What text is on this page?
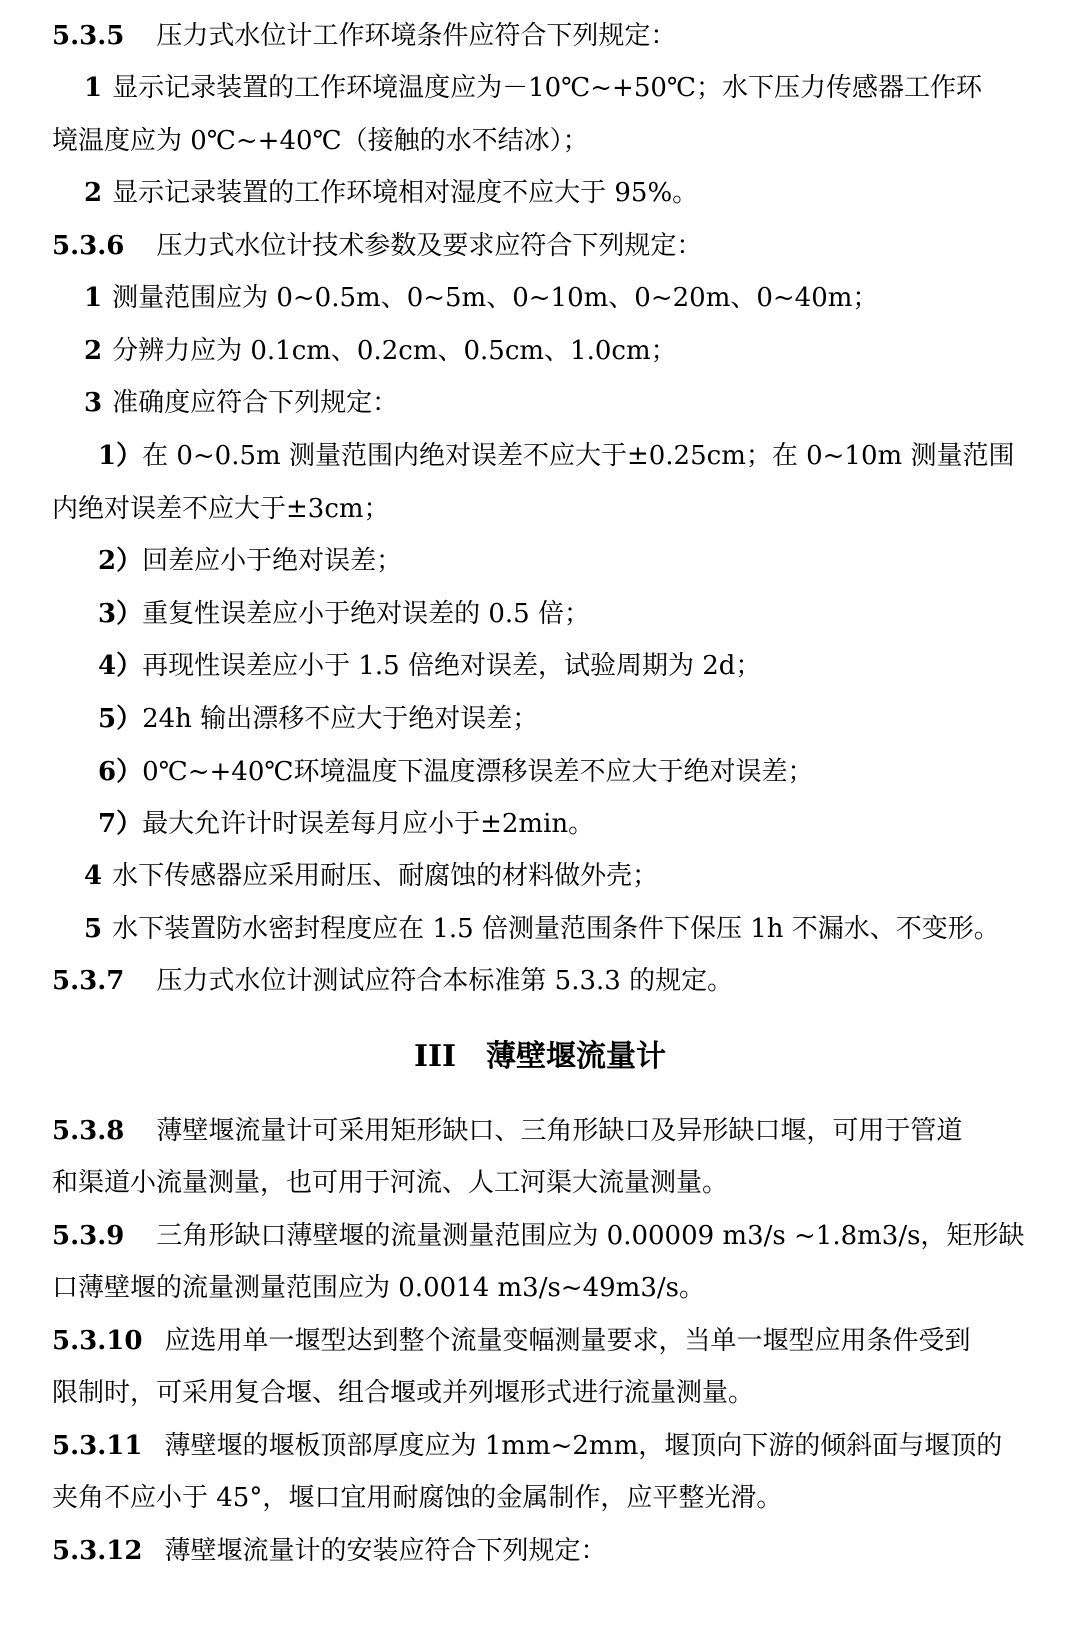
5.3.5 压力式水位计工作环境条件应符合下列规定：
1 显示记录装置的工作环境温度应为－10℃~+50℃；水下压力传感器工作环
境温度应为 0℃~+40℃（接触的水不结冰）；
2 显示记录装置的工作环境相对湿度不应大于 95%。
5.3.6 压力式水位计技术参数及要求应符合下列规定：
1 测量范围应为 0~0.5m、0~5m、0~10m、0~20m、0~40m；
2 分辨力应为 0.1cm、0.2cm、0.5cm、1.0cm；
3 准确度应符合下列规定：
1）在 0~0.5m 测量范围内绝对误差不应大于±0.25cm；在 0~10m 测量范围
内绝对误差不应大于±3cm；
2）回差应小于绝对误差；
3）重复性误差应小于绝对误差的 0.5 倍；
4）再现性误差应小于 1.5 倍绝对误差，试验周期为 2d；
5）24h 输出漂移不应大于绝对误差；
6）0℃~+40℃环境温度下温度漂移误差不应大于绝对误差；
7）最大允许计时误差每月应小于±2min。
4 水下传感器应采用耐压、耐腐蚀的材料做外壳；
5 水下装置防水密封程度应在 1.5 倍测量范围条件下保压 1h 不漏水、不变形。
5.3.7 压力式水位计测试应符合本标准第 5.3.3 的规定。
III　薄壁堰流量计
5.3.8 薄壁堰流量计可采用矩形缺口、三角形缺口及异形缺口堰，可用于管道
和渠道小流量测量，也可用于河流、人工河渠大流量测量。
5.3.9 三角形缺口薄壁堰的流量测量范围应为 0.00009 m3/s ~1.8m3/s，矩形缺
口薄壁堰的流量测量范围应为 0.0014 m3/s~49m3/s。
5.3.10 应选用单一堰型达到整个流量变幅测量要求，当单一堰型应用条件受到
限制时，可采用复合堰、组合堰或并列堰形式进行流量测量。
5.3.11 薄壁堰的堰板顶部厚度应为 1mm~2mm，堰顶向下游的倾斜面与堰顶的
夹角不应小于 45°，堰口宜用耐腐蚀的金属制作，应平整光滑。
5.3.12 薄壁堰流量计的安装应符合下列规定：
